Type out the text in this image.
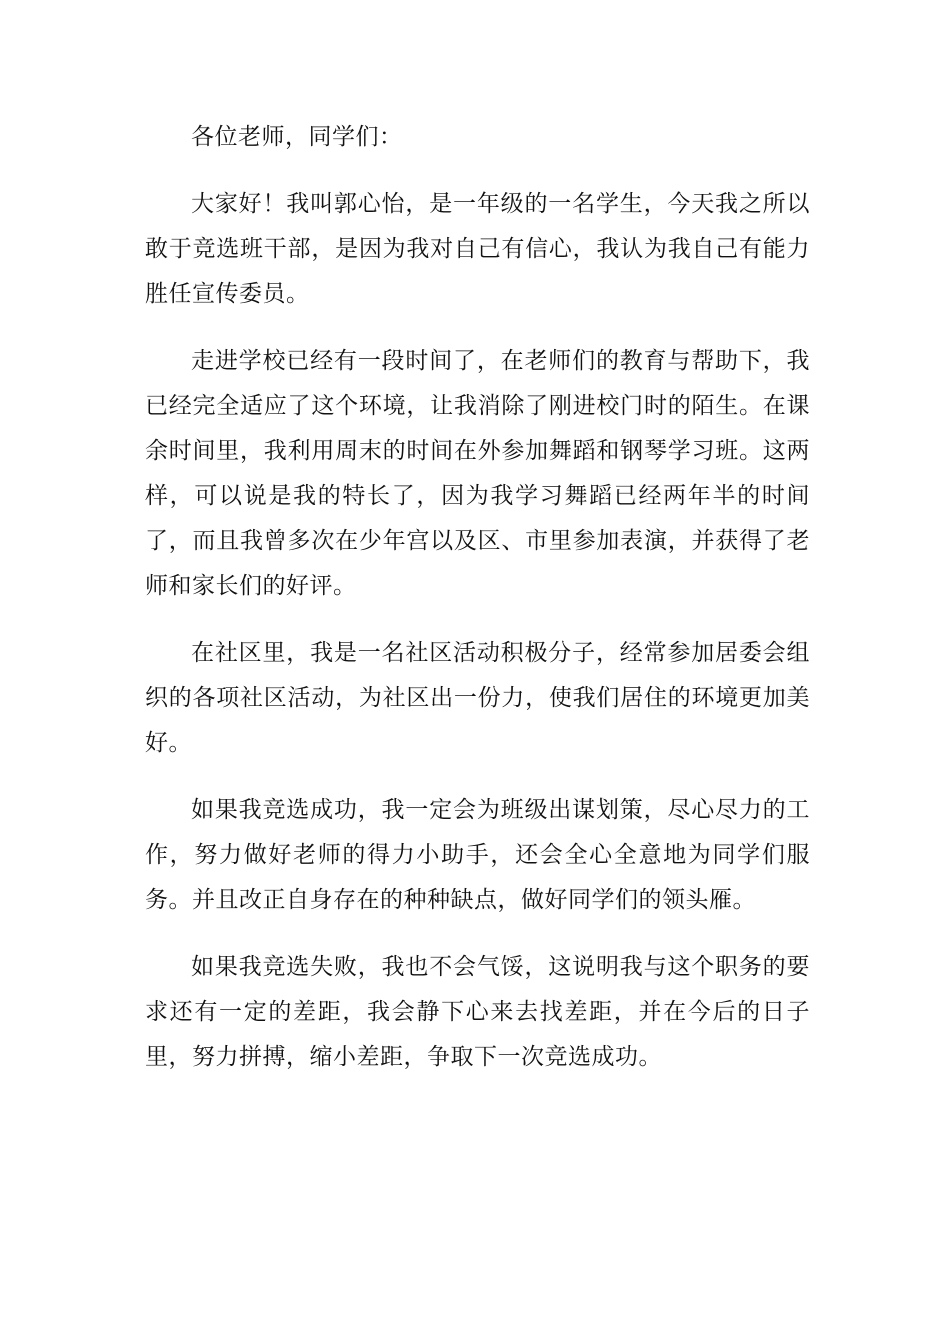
各位老师，同学们：

大家好！我叫郭心怡，是一年级的一名学生，今天我之所以敢于竞选班干部，是因为我对自己有信心，我认为我自己有能力胜任宣传委员。

走进学校已经有一段时间了，在老师们的教育与帮助下，我已经完全适应了这个环境，让我消除了刚进校门时的陌生。在课余时间里，我利用周末的时间在外参加舞蹈和钢琴学习班。这两样，可以说是我的特长了，因为我学习舞蹈已经两年半的时间了，而且我曾多次在少年宫以及区、市里参加表演，并获得了老师和家长们的好评。

在社区里，我是一名社区活动积极分子，经常参加居委会组织的各项社区活动，为社区出一份力，使我们居住的环境更加美好。

如果我竞选成功，我一定会为班级出谋划策，尽心尽力的工作，努力做好老师的得力小助手，还会全心全意地为同学们服务。并且改正自身存在的种种缺点，做好同学们的领头雁。

如果我竞选失败，我也不会气馁，这说明我与这个职务的要求还有一定的差距，我会静下心来去找差距，并在今后的日子里，努力拼搏，缩小差距，争取下一次竞选成功。
